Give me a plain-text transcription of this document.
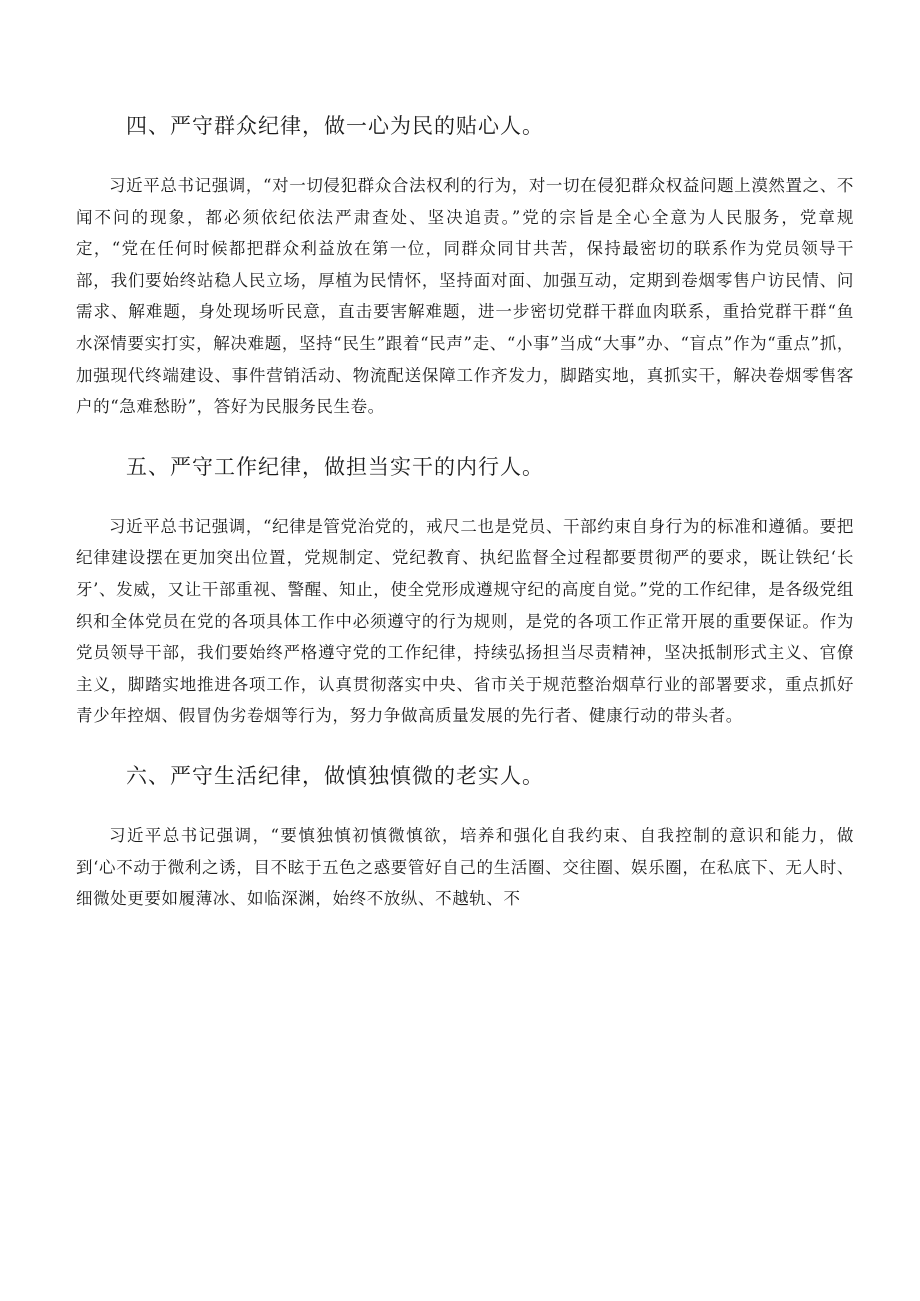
四、严守群众纪律，做一心为民的贴心人。

习近平总书记强调，“对一切侵犯群众合法权利的行为，对一切在侵犯群众权益问题上漠然置之、不闻不问的现象，都必须依纪依法严肃查处、坚决追责。”党的宗旨是全心全意为人民服务，党章规定，“党在任何时候都把群众利益放在第一位，同群众同甘共苦，保持最密切的联系作为党员领导干部，我们要始终站稳人民立场，厚植为民情怀，坚持面对面、加强互动，定期到卷烟零售户访民情、问需求、解难题，身处现场听民意，直击要害解难题，进一步密切党群干群血肉联系，重拾党群干群“鱼水深情要实打实，解决难题，坚持“民生”跟着“民声”走、“小事”当成“大事”办、“盲点”作为“重点”抓，加强现代终端建设、事件营销活动、物流配送保障工作齐发力，脚踏实地，真抓实干，解决卷烟零售客户的“急难愁盼”，答好为民服务民生卷。

五、严守工作纪律，做担当实干的内行人。

习近平总书记强调，“纪律是管党治党的，戒尺二也是党员、干部约束自身行为的标准和遵循。要把纪律建设摆在更加突出位置，党规制定、党纪教育、执纪监督全过程都要贯彻严的要求，既让铁纪‘长牙’、发威，又让干部重视、警醒、知止，使全党形成遵规守纪的高度自觉。”党的工作纪律，是各级党组织和全体党员在党的各项具体工作中必须遵守的行为规则，是党的各项工作正常开展的重要保证。作为党员领导干部，我们要始终严格遵守党的工作纪律，持续弘扬担当尽责精神，坚决抵制形式主义、官僚主义，脚踏实地推进各项工作，认真贯彻落实中央、省市关于规范整治烟草行业的部署要求，重点抓好青少年控烟、假冒伪劣卷烟等行为，努力争做高质量发展的先行者、健康行动的带头者。

六、严守生活纪律，做慎独慎微的老实人。

习近平总书记强调，“要慎独慎初慎微慎欲，培养和强化自我约束、自我控制的意识和能力，做到‘心不动于微利之诱，目不眩于五色之惑要管好自己的生活圈、交往圈、娱乐圈，在私底下、无人时、细微处更要如履薄冰、如临深渊，始终不放纵、不越轨、不
